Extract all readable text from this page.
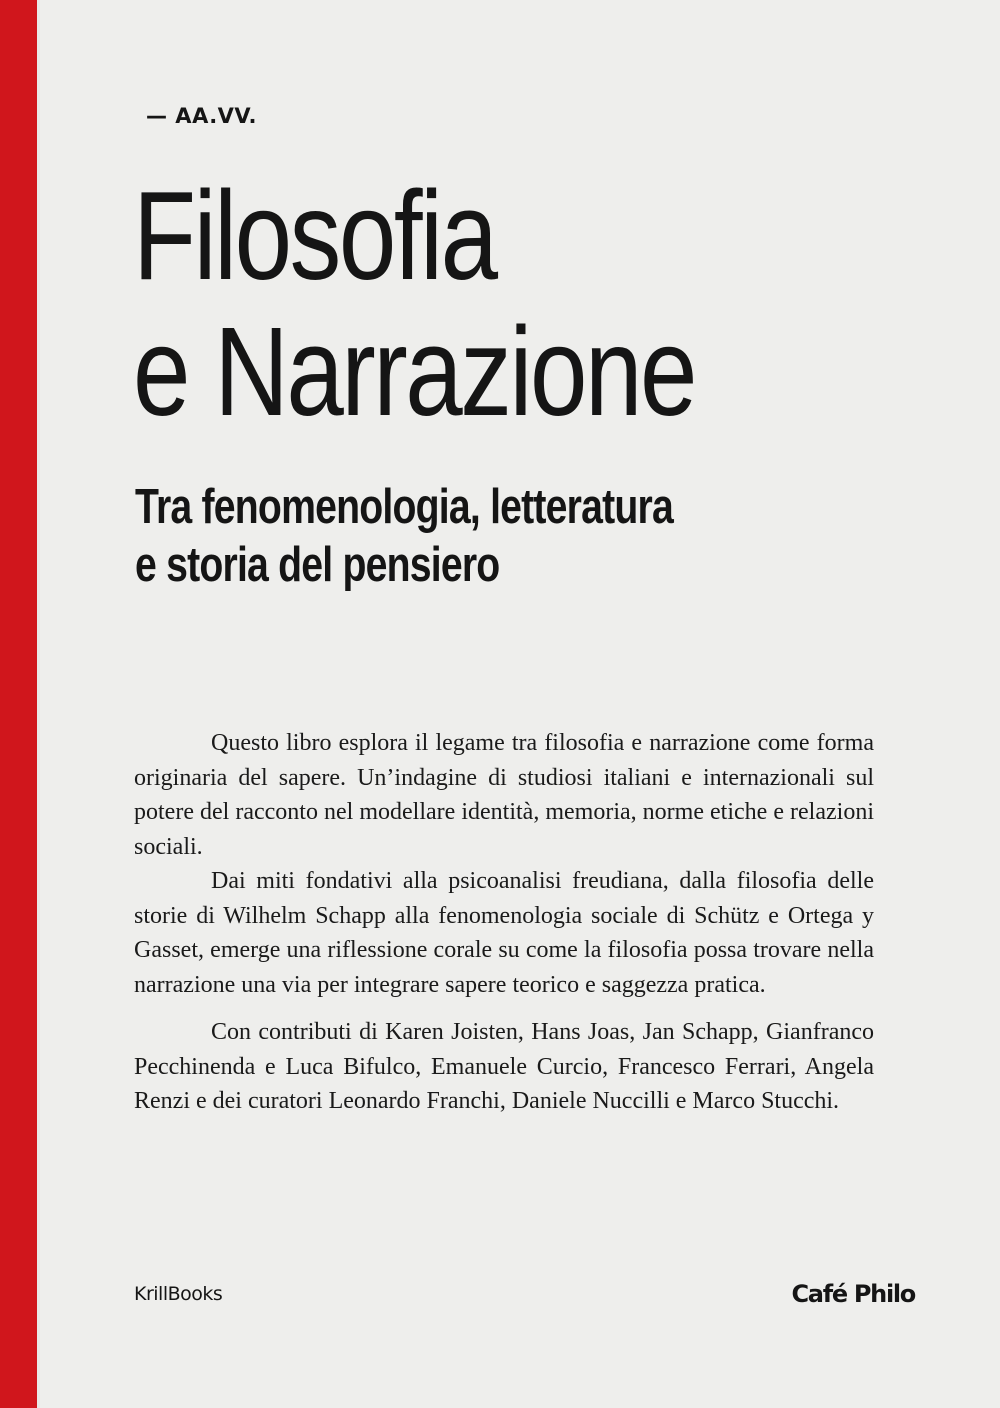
— AA.VV.
Filosofia
e Narrazione
Tra fenomenologia, letteratura
e storia del pensiero

Questo libro esplora il legame tra filosofia e narrazione come forma originaria del sapere. Un’indagine di studiosi italiani e internazionali sul potere del racconto nel modellare identità, memoria, norme etiche e relazioni sociali.

Dai miti fondativi alla psicoanalisi freudiana, dalla filosofia delle storie di Wilhelm Schapp alla fenomenologia sociale di Schütz e Ortega y Gasset, emerge una riflessione corale su come la filosofia possa trovare nella narrazione una via per integrare sapere teorico e saggezza pratica.

Con contributi di Karen Joisten, Hans Joas, Jan Schapp, Gianfranco Pecchinenda e Luca Bifulco, Emanuele Curcio, Francesco Ferrari, Angela Renzi e dei curatori Leonardo Franchi, Daniele Nuccilli e Marco Stucchi.

KrillBooks	Café Philo
